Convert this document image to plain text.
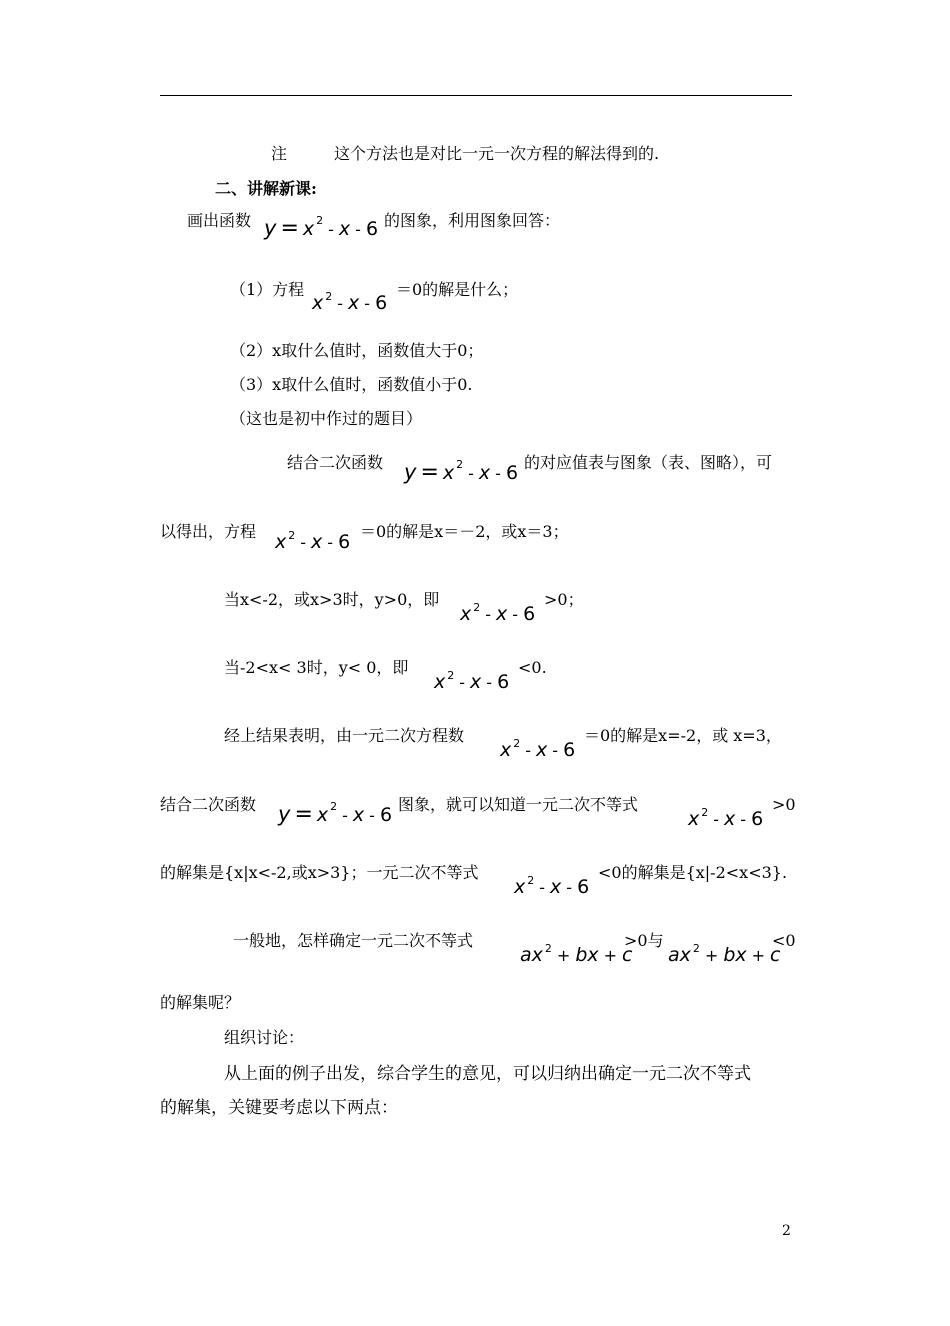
注	这个方法也是对比一元一次方程的解法得到的.
二、讲解新课:
画出函数 y = x $^2$ - x - 6 的图象，利用图象回答：
（1）方程
x $^2$ - x - 6
＝0的解是什么；
（2）x取什么值时，函数值大于0；
（3）x取什么值时，函数值小于0.
（这也是初中作过的题目）
结合二次函数 y = x $^2$ - x - 6 的对应值表与图象（表、图略），可
以得出，方程 x $^2$ - x - 6 ＝0的解是x＝－2，或x＝3；
当x<-2，或x>3时，y>0，即
x $^2$ - x - 6
>0；
当-2<x< 3时，y< 0，即
x $^2$ - x - 6
<0.
经上结果表明，由一元二次方程数
x $^2$ - x - 6
＝0的解是x=-2，或 x=3，
结合二次函数 y = x $^2$ - x - 6 图象，就可以知道一元二次不等式
x $^2$ - x - 6
>0
的解集是{x|x<-2,或x>3}；一元二次不等式
x $^2$ - x - 6
<0的解集是{x|-2<x<3}.
一般地，怎样确定一元二次不等式
ax $^2$ + bx + c
>0与
ax $^2$ + bx + c
<0
的解集呢？
组织讨论：
从上面的例子出发，综合学生的意见，可以归纳出确定一元二次不等式
的解集，关键要考虑以下两点：
2
